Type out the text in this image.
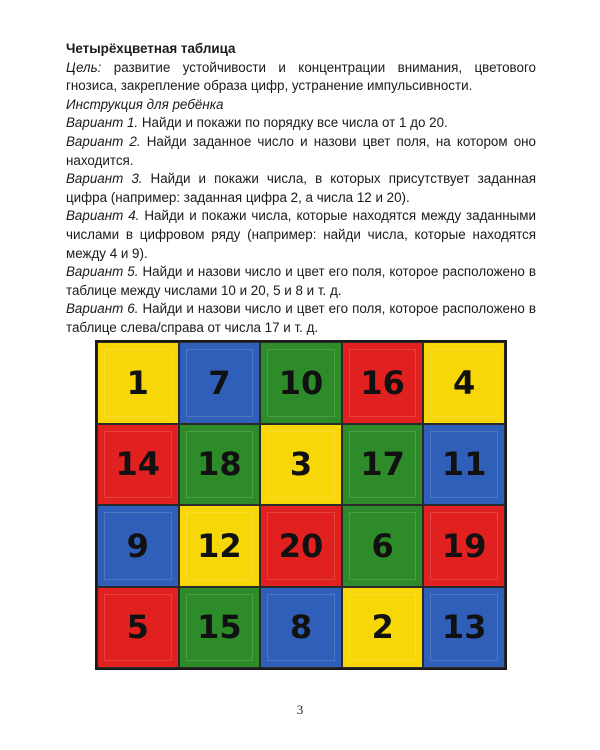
Четырёхцветная таблица

Цель: развитие устойчивости и концентрации внимания, цветового гнозиса, закрепление образа цифр, устранение импульсивности.

Инструкция для ребёнка

Вариант 1. Найди и покажи по порядку все числа от 1 до 20.

Вариант 2. Найди заданное число и назови цвет поля, на котором оно находится.

Вариант 3. Найди и покажи числа, в которых присутствует заданная цифра (например: заданная цифра 2, а числа 12 и 20).

Вариант 4. Найди и покажи числа, которые находятся между заданными числами в цифровом ряду (например: найди числа, которые находятся между 4 и 9).

Вариант 5. Найди и назови число и цвет его поля, которое расположено в таблице между числами 10 и 20, 5 и 8 и т. д.

Вариант 6. Найди и назови число и цвет его поля, которое расположено в таблице слева/справа от числа 17 и т. д.

1	7	10	16	4
14	18	3	17	11
9	12	20	6	19
5	15	8	2	13
3
